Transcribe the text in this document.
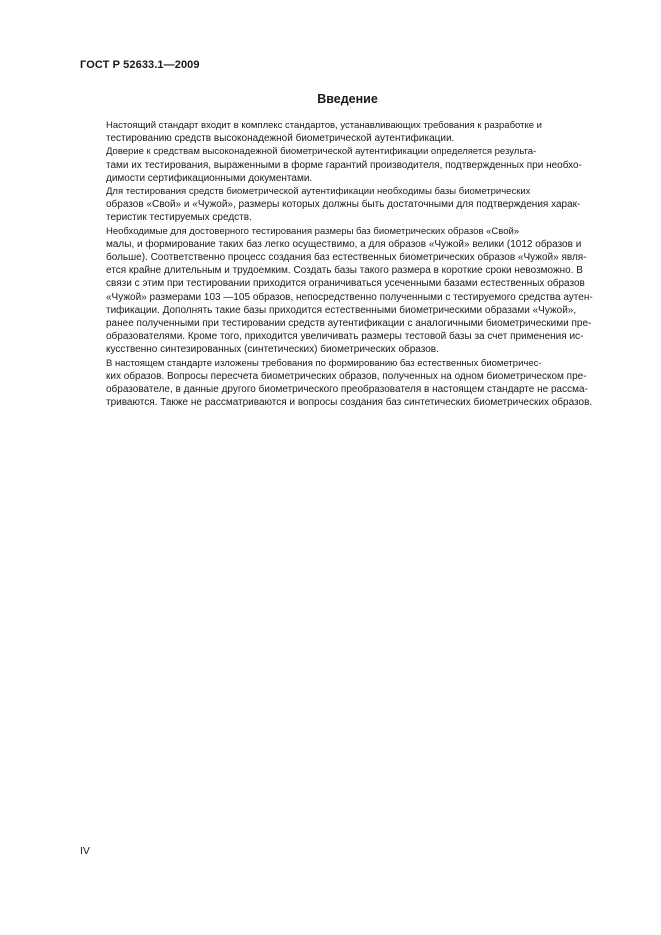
ГОСТ Р 52633.1—2009
Введение

Настоящий стандарт входит в комплекс стандартов, устанавливающих требования к разработке и
тестированию средств высоконадежной биометрической аутентификации.

Доверие к средствам высоконадежной биометрической аутентификации определяется результа-
тами их тестирования, выраженными в форме гарантий производителя, подтвержденных при необхо-
димости сертификационными документами.

Для тестирования средств биометрической аутентификации необходимы базы биометрических
образов «Свой» и «Чужой», размеры которых должны быть достаточными для подтверждения харак-
теристик тестируемых средств.

Необходимые для достоверного тестирования размеры баз биометрических образов «Свой»
малы, и формирование таких баз легко осуществимо, а для образов «Чужой» велики (1012 образов и
больше). Соответственно процесс создания баз естественных биометрических образов «Чужой» явля-
ется крайне длительным и трудоемким. Создать базы такого размера в короткие сроки невозможно. В
связи с этим при тестировании приходится ограничиваться усеченными базами естественных образов
«Чужой» размерами 103 —105 образов, непосредственно полученными с тестируемого средства аутен-
тификации. Дополнять такие базы приходится естественными биометрическими образами «Чужой»,
ранее полученными при тестировании средств аутентификации с аналогичными биометрическими пре-
образователями. Кроме того, приходится увеличивать размеры тестовой базы за счет применения ис-
кусственно синтезированных (синтетических) биометрических образов.

В настоящем стандарте изложены требования по формированию баз естественных биометричес-
ких образов. Вопросы пересчета биометрических образов, полученных на одном биометрическом пре-
образователе, в данные другого биометрического преобразователя в настоящем стандарте не рассма-
триваются. Также не рассматриваются и вопросы создания баз синтетических биометрических образов.

IV
